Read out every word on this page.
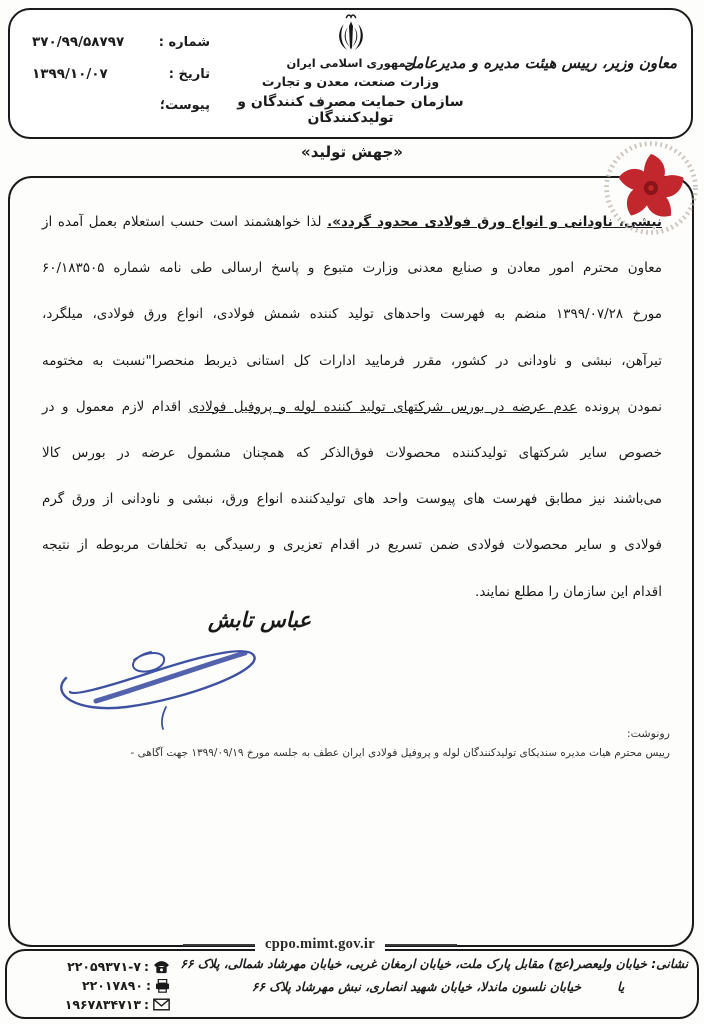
معاون وزیر، رییس هیئت مدیره و مدیرعامل
جمهوری اسلامی ایران
وزارت صنعت، معدن و تجارت
سازمان حمایت مصرف کنندگان و تولیدکنندگان
شماره :
۳۷۰/۹۹/۵۸۷۹۷
تاریخ :
۱۳۹۹/۱۰/۰۷
پیوست؛
«جهش تولید»
نبشی، ناودانی و انواع ورق فولادی محدود گردد». لذا خواهشمند است حسب استعلام بعمل آمده از
معاون محترم امور معادن و صنایع معدنی وزارت متبوع و پاسخ ارسالی طی نامه شماره ۶۰/۱۸۳۵۰۵
مورخ ۱۳۹۹/۰۷/۲۸ منضم به فهرست واحدهای تولید کننده شمش فولادی، انواع ورق فولادی، میلگرد،
تیرآهن، نبشی و ناودانی در کشور، مقرر فرمایید ادارات کل استانی ذیربط منحصرا"نسبت به مختومه
نمودن پرونده عدم عرضه در بورس شرکتهای تولید کننده لوله و پروفیل فولادی اقدام لازم معمول و در
خصوص سایر شرکتهای تولیدکننده محصولات فوق‌الذکر که همچنان مشمول عرضه در بورس کالا
می‌باشند نیز مطابق فهرست های پیوست واحد های تولیدکننده انواع ورق، نبشی و ناودانی از ورق گرم
فولادی و سایر محصولات فولادی ضمن تسریع در اقدام تعزیری و رسیدگی به تخلفات مربوطه از نتیجه
اقدام این سازمان را مطلع نمایند.
عباس تابش
رونوشت:
رییس محترم هیات مدیره سندیکای تولیدکنندگان لوله و پروفیل فولادی ایران عطف به جلسه مورخ ۱۳۹۹/۰۹/۱۹ جهت آگاهی -
cppo.mimt.gov.ir
۲۲۰۵۹۳۷۱-۷ :
۲۲۰۱۷۸۹۰ :
۱۹۶۷۸۳۴۷۱۳ :
نشانی: خیابان ولیعصر(عج) مقابل پارک ملت، خیابان ارمغان غربی، خیابان مهرشاد شمالی، پلاک ۶۶
یاخیابان نلسون ماندلا، خیابان شهید انصاری، نبش مهرشاد پلاک ۶۶
